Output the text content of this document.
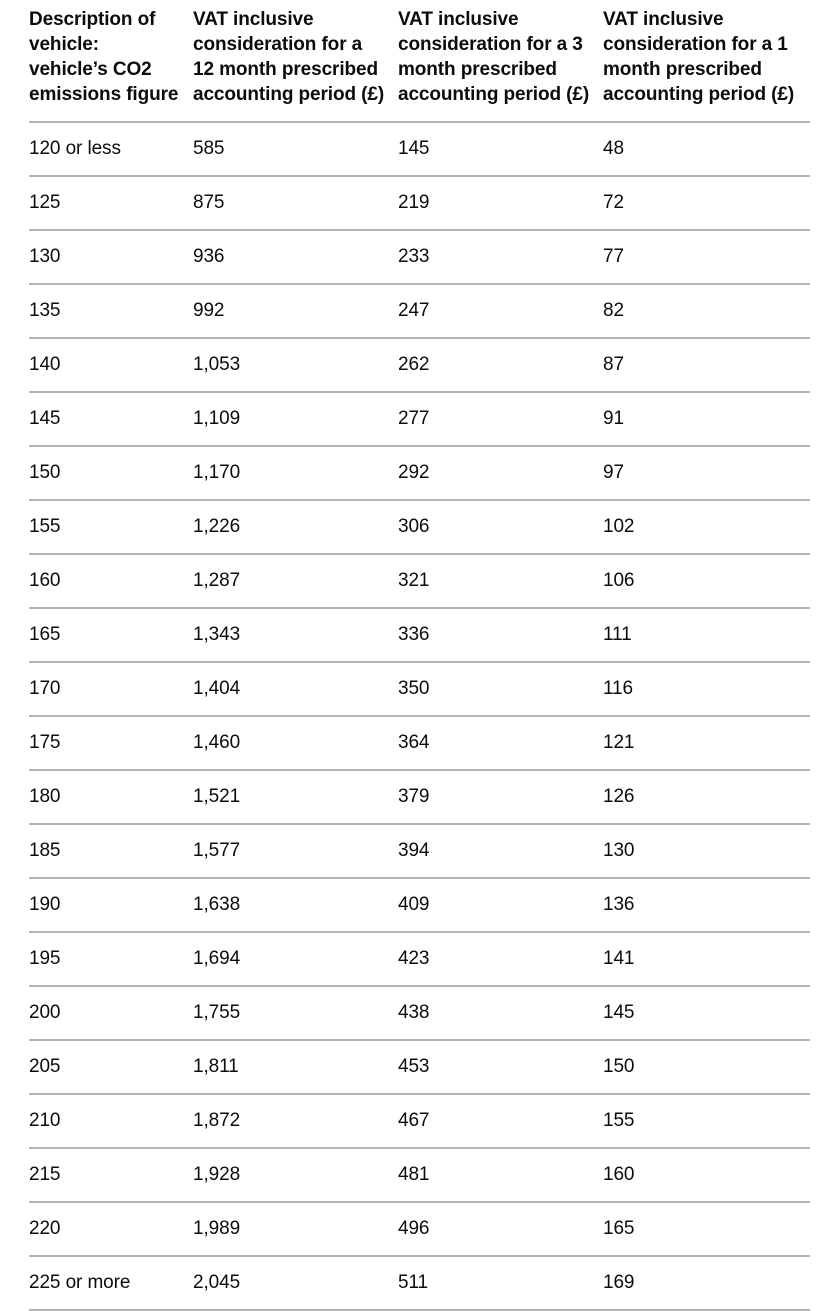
Description of vehicle: vehicle’s CO2 emissions figure	VAT inclusive consideration for a 12 month prescribed accounting period (£)	VAT inclusive consideration for a 3 month prescribed accounting period (£)	VAT inclusive consideration for a 1 month prescribed accounting period (£)
120 or less	585	145	48
125	875	219	72
130	936	233	77
135	992	247	82
140	1,053	262	87
145	1,109	277	91
150	1,170	292	97
155	1,226	306	102
160	1,287	321	106
165	1,343	336	111
170	1,404	350	116
175	1,460	364	121
180	1,521	379	126
185	1,577	394	130
190	1,638	409	136
195	1,694	423	141
200	1,755	438	145
205	1,811	453	150
210	1,872	467	155
215	1,928	481	160
220	1,989	496	165
225 or more	2,045	511	169
